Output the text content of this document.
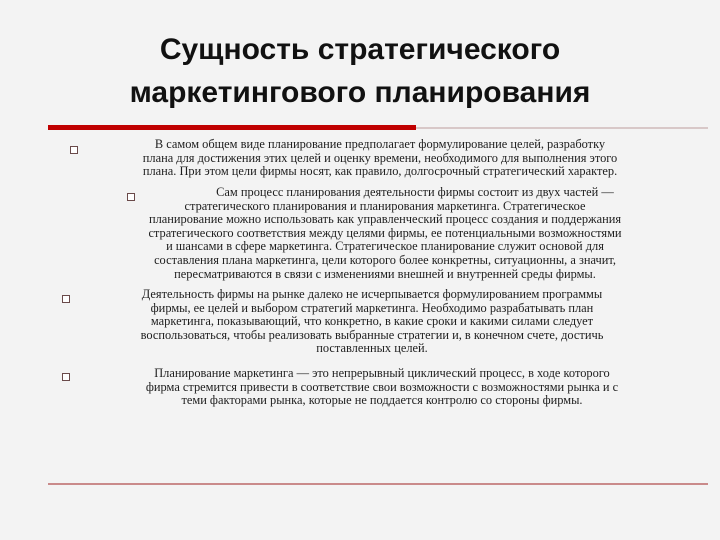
Сущность стратегического
маркетингового планирования
В самом общем виде планирование предполагает формулирование целей, разработку
плана для достижения этих целей и оценку времени, необходимого для выполнения этого
плана. При этом цели фирмы носят, как правило, долгосрочный стратегический характер.
Сам процесс планирования деятельности фирмы состоит из двух частей —
стратегического планирования и планирования маркетинга. Стратегическое
планирование можно использовать как управленческий процесс создания и поддержания
стратегического соответствия между целями фирмы, ее потенциальными возможностями
и шансами в сфере маркетинга. Стратегическое планирование служит основой для
составления плана маркетинга, цели которого более конкретны, ситуационны, а значит,
пересматриваются в связи с изменениями внешней и внутренней среды фирмы.
Деятельность фирмы на рынке далеко не исчерпывается формулированием программы
фирмы, ее целей и выбором стратегий маркетинга. Необходимо разрабатывать план
маркетинга, показывающий, что конкретно, в какие сроки и какими силами следует
воспользоваться, чтобы реализовать выбранные стратегии и, в конечном счете, достичь
поставленных целей.
Планирование маркетинга — это непрерывный циклический процесс, в ходе которого
фирма стремится привести в соответствие свои возможности с возможностями рынка и с
теми факторами рынка, которые не поддается контролю со стороны фирмы.
